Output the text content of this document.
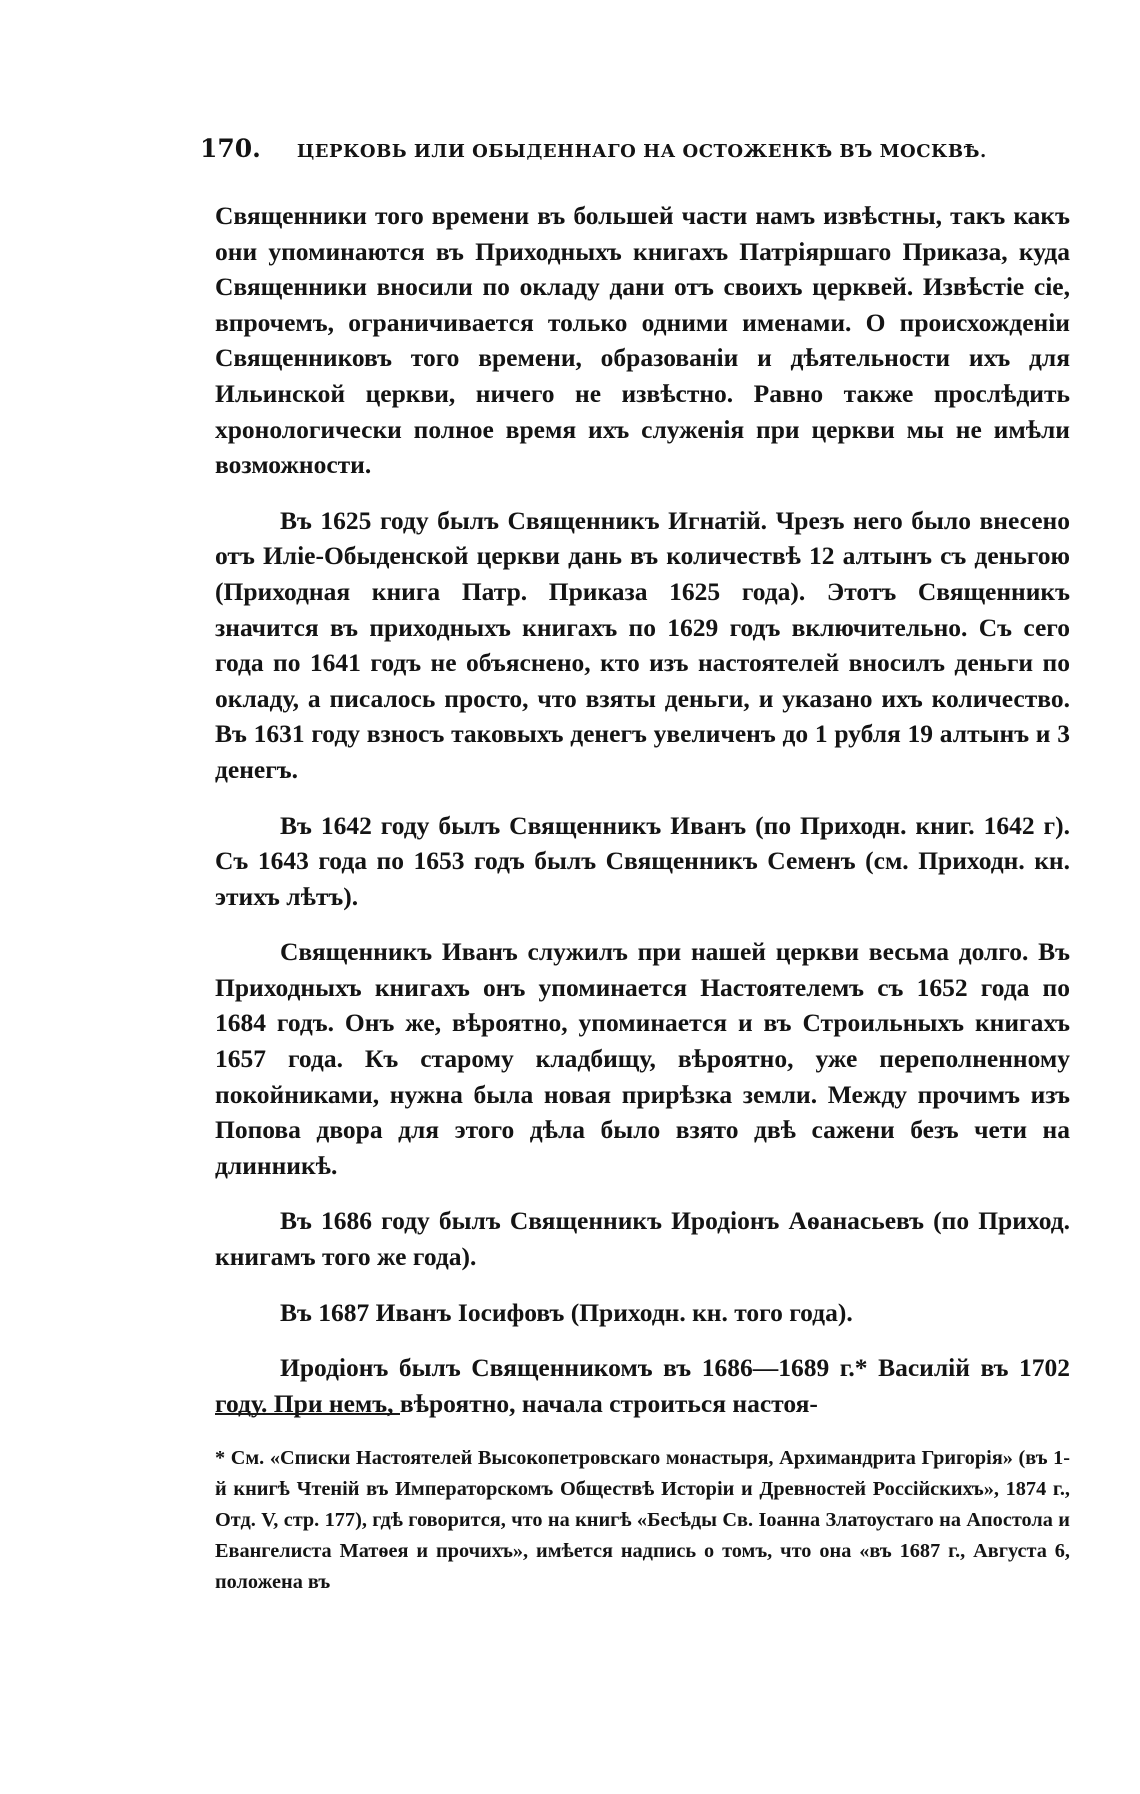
170. ЦЕРКОВЬ ИЛИ ОБЫДЕННАГО НА ОСТОЖЕНКѢ ВЪ МОСКВѢ.

Священники того времени въ большей части намъ извѣстны, такъ какъ они упоминаются въ Приходныхъ книгахъ Патріяршаго Приказа, куда Священники вносили по окладу дани отъ своихъ церквей. Извѣстіе сіе, впрочемъ, ограничивается только одними именами. О происхожденіи Священниковъ того времени, образованіи и дѣятельности ихъ для Ильинской церкви, ничего не извѣстно. Равно также прослѣдить хронологически полное время ихъ служенія при церкви мы не имѣли возможности.

Въ 1625 году былъ Священникъ Игнатій. Чрезъ него было внесено отъ Иліе-Обыденской церкви дань въ количествѣ 12 алтынъ съ деньгою (Приходная книга Патр. Приказа 1625 года). Этотъ Священникъ значится въ приходныхъ книгахъ по 1629 годъ включительно. Съ сего года по 1641 годъ не объяснено, кто изъ настоятелей вносилъ деньги по окладу, а писалось просто, что взяты деньги, и указано ихъ количество. Въ 1631 году взносъ таковыхъ денегъ увеличенъ до 1 рубля 19 алтынъ и 3 денегъ.

Въ 1642 году былъ Священникъ Иванъ (по Приходн. книг. 1642 г). Съ 1643 года по 1653 годъ былъ Священникъ Семенъ (см. Приходн. кн. этихъ лѣтъ).

Священникъ Иванъ служилъ при нашей церкви весьма долго. Въ Приходныхъ книгахъ онъ упоминается Настоятелемъ съ 1652 года по 1684 годъ. Онъ же, вѣроятно, упоминается и въ Строильныхъ книгахъ 1657 года. Къ старому кладбищу, вѣроятно, уже переполненному покойниками, нужна была новая прирѣзка земли. Между прочимъ изъ Попова двора для этого дѣла было взято двѣ сажени безъ чети на длинникѣ.

Въ 1686 году былъ Священникъ Иродіонъ Аѳанасьевъ (по Приход. книгамъ того же года).

Въ 1687 Иванъ Іосифовъ (Приходн. кн. того года).

Иродіонъ былъ Священникомъ въ 1686—1689 г.* Василій въ 1702 году. При немъ, вѣроятно, начала строиться настоя-

* См. «Списки Настоятелей Высокопетровскаго монастыря, Архимандрита Григорія» (въ 1-й книгѣ Чтеній въ Императорскомъ Обществѣ Исторіи и Древностей Россійскихъ», 1874 г., Отд. V, стр. 177), гдѣ говорится, что на книгѣ «Бесѣды Св. Іоанна Златоустаго на Апостола и Евангелиста Матѳея и прочихъ», имѣется надпись о томъ, что она «въ 1687 г., Августа 6, положена въ
